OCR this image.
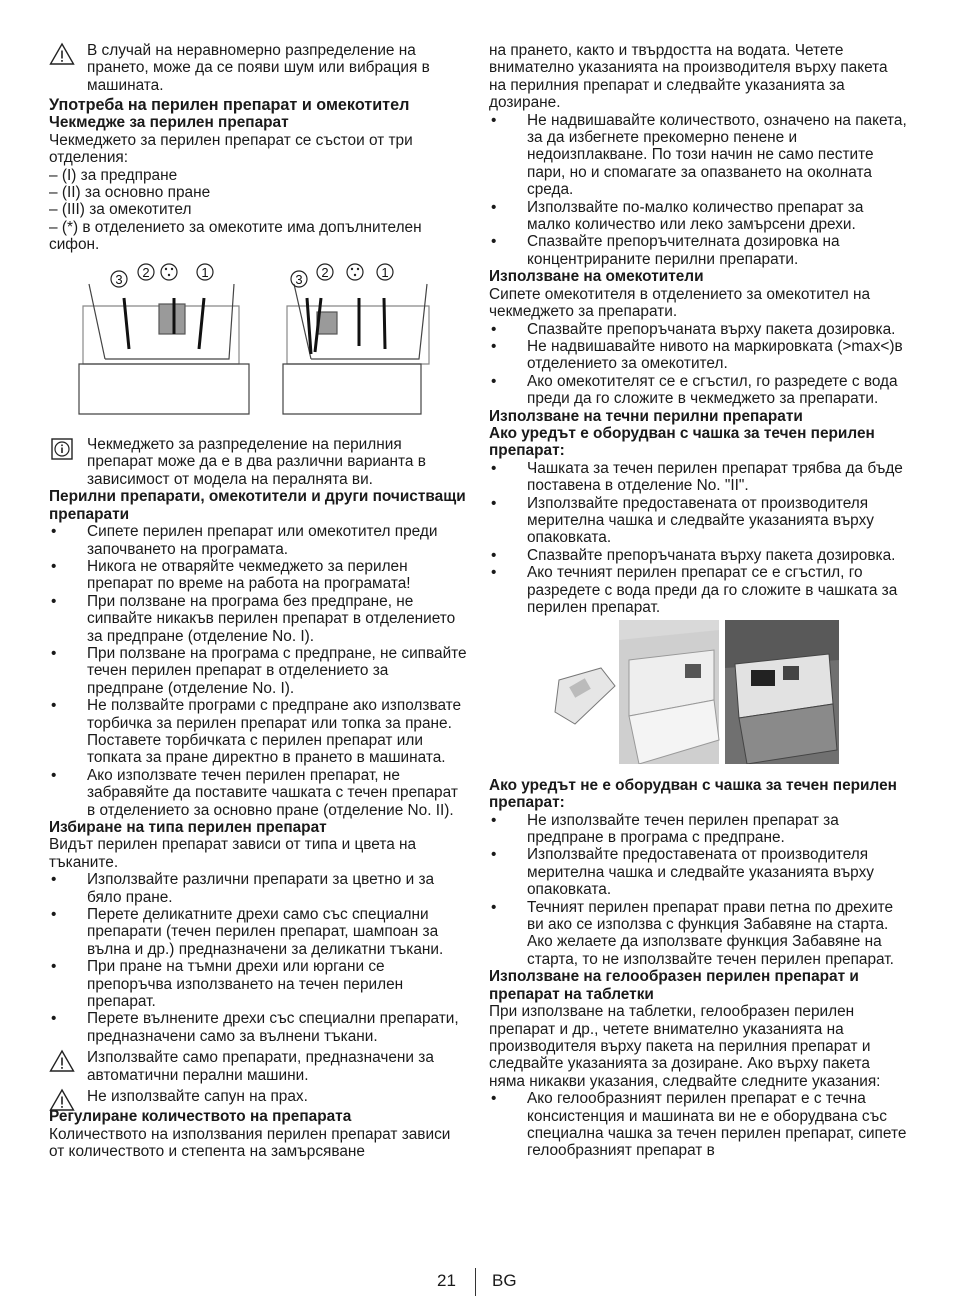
В случай на неравномерно разпределение на прането, може да се появи шум или вибрация в машината.

Употреба на перилен препарат и омекотител

Чекмедже за перилен препарат

Чекмеджето за перилен препарат се състои от три отделения:

– (I) за предпране

– (II) за основно пране

– (III) за омекотител

– (*) в отделението за омекотите има допълнителен сифон.

3 2	1	3 2	1

Чекмеджето за разпределение на перилния препарат може да е в два различни варианта в зависимост от модела на пералнята ви.

Перилни препарати, омекотители и други почистващи препарати

• Сипете перилен препарат или омекотител преди започването на програмата.
• Никога не отваряйте чекмеджето за перилен препарат по време на работа на програмата!
• При ползване на програма без предпране, не сипвайте никакъв перилен препарат в отделението за предпране (отделение No. I).
• При ползване на програма с предпране, не сипвайте течен перилен препарат в отделението за предпране (отделение No. I).
• Не ползвайте програми с предпране ако използвате торбичка за перилен препарат или топка за пране. Поставете торбичката с перилен препарат или топката за пране директно в прането в машината.
• Ако използвате течен перилен препарат, не забравяйте да поставите чашката с течен препарат в отделението за основно пране (отделение No. II).

Избиране на типа перилен препарат

Видът перилен препарат зависи от типа и цвета на тъканите.

• Използвайте различни препарати за цветно и за бяло пране.
• Перете деликатните дрехи само със специални препарати (течен перилен препарат, шампоан за вълна и др.) предназначени за деликатни тъкани.
• При пране на тъмни дрехи или юргани се препоръчва използването на течен перилен препарат.
• Перете вълнените дрехи със специални препарати, предназначени само за вълнени тъкани.

Използвайте само препарати, предназначени за автоматични перални машини.

Не използвайте сапун на прах.

Регулиране количеството на препарата

Количеството на използвания перилен препарат зависи от количеството и степента на замърсяване

на прането, както и твърдостта на водата. Четете внимателно указанията на производителя върху пакета на перилния препарат и следвайте указанията за дозиране.

• Не надвишавайте количеството, означено на пакета, за да избегнете прекомерно пенене и недоизплакване. По този начин не само пестите пари, но и спомагате за опазването на околната среда.
• Използвайте по-малко количество препарат за малко количество или леко замърсени дрехи.
• Спазвайте препоръчителната дозировка на концентрираните перилни препарати.

Използване на омекотители

Сипете омекотителя в отделението за омекотител на чекмеджето за препарати.

• Спазвайте препоръчаната върху пакета дозировка.
• Не надвишавайте нивото на маркировката (>max<)в отделението за омекотител.
• Ако омекотителят се е сгъстил, го разредете с вода преди да го сложите в чекмеджето за препарати.

Използване на течни перилни препарати

Ако уредът е оборудван с чашка за течен перилен препарат:

• Чашката за течен перилен препарат трябва да бъде поставена в отделение No. "II".
• Използвайте предоставената от производителя мерителна чашка и следвайте указанията върху опаковката.
• Спазвайте препоръчаната върху пакета дозировка.
• Ако течният перилен препарат се е сгъстил, го разредете с вода преди да го сложите в чашката за перилен препарат.

Ако уредът не е оборудван с чашка за течен перилен препарат:

• Не използвайте течен перилен препарат за предпране в програма с предпране.
• Използвайте предоставената от производителя мерителна чашка и следвайте указанията върху опаковката.
• Течният перилен препарат прави петна по дрехите ви ако се използва с функция Забавяне на старта. Ако желаете да използвате функция Забавяне на старта, то не използвайте течен перилен препарат.

Използване на гелообразен перилен препарат и препарат на таблетки

При използване на таблетки, гелообразен перилен препарат и др., четете внимателно указанията на производителя върху пакета на перилния препарат и следвайте указанията за дозиране. Ако върху пакета няма никакви указания, следвайте следните указания:

• Ако гелообразният перилен препарат е с течна консистенция и машината ви не е оборудвана със специална чашка за течен перилен препарат, сипете гелообразният препарат в
21 BG
